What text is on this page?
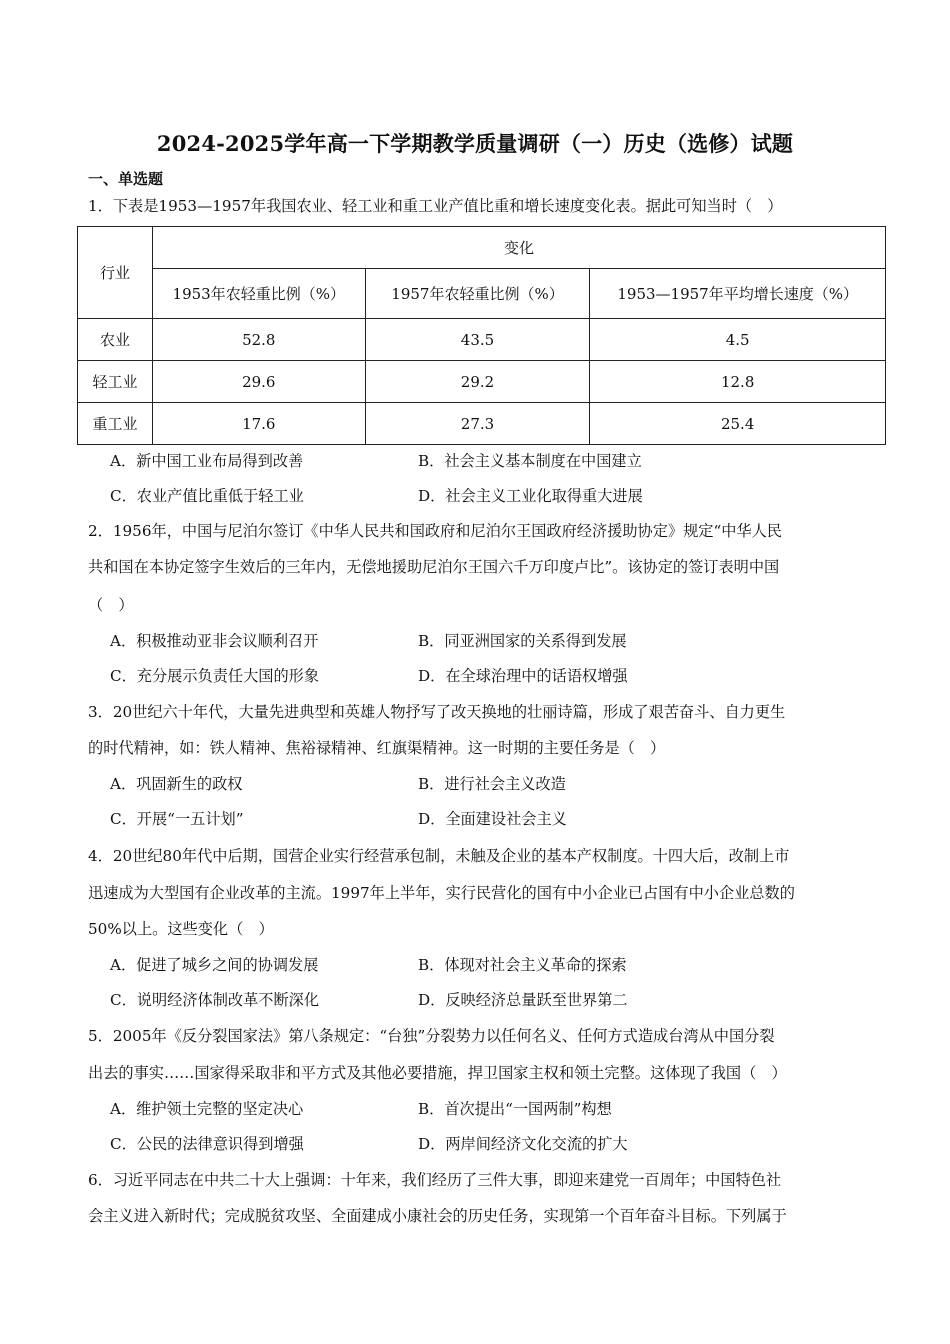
2024-2025学年高一下学期教学质量调研（一）历史（选修）试题
一、单选题
1．下表是1953—1957年我国农业、轻工业和重工业产值比重和增长速度变化表。据此可知当时（　）
行业	变化		
	1953年农轻重比例（%）	1957年农轻重比例（%）	1953—1957年平均增长速度（%）
农业	52.8	43.5	4.5
轻工业	29.6	29.2	12.8
重工业	17.6	27.3	25.4
A．新中国工业布局得到改善	B．社会主义基本制度在中国建立
C．农业产值比重低于轻工业	D．社会主义工业化取得重大进展
2．1956年，中国与尼泊尔签订《中华人民共和国政府和尼泊尔王国政府经济援助协定》规定“中华人民
共和国在本协定签字生效后的三年内，无偿地援助尼泊尔王国六千万印度卢比”。该协定的签订表明中国
（　）
A．积极推动亚非会议顺利召开	B．同亚洲国家的关系得到发展
C．充分展示负责任大国的形象	D．在全球治理中的话语权增强
3．20世纪六十年代，大量先进典型和英雄人物抒写了改天换地的壮丽诗篇，形成了艰苦奋斗、自力更生
的时代精神，如：铁人精神、焦裕禄精神、红旗渠精神。这一时期的主要任务是（　）
A．巩固新生的政权	B．进行社会主义改造
C．开展“一五计划”	D．全面建设社会主义
4．20世纪80年代中后期，国营企业实行经营承包制，未触及企业的基本产权制度。十四大后，改制上市
迅速成为大型国有企业改革的主流。1997年上半年，实行民营化的国有中小企业已占国有中小企业总数的
50%以上。这些变化（　）
A．促进了城乡之间的协调发展	B．体现对社会主义革命的探索
C．说明经济体制改革不断深化	D．反映经济总量跃至世界第二
5．2005年《反分裂国家法》第八条规定：“台独”分裂势力以任何名义、任何方式造成台湾从中国分裂
出去的事实……国家得采取非和平方式及其他必要措施，捍卫国家主权和领土完整。这体现了我国（　）
A．维护领土完整的坚定决心	B．首次提出“一国两制”构想
C．公民的法律意识得到增强	D．两岸间经济文化交流的扩大
6．习近平同志在中共二十大上强调：十年来，我们经历了三件大事，即迎来建党一百周年；中国特色社
会主义进入新时代；完成脱贫攻坚、全面建成小康社会的历史任务，实现第一个百年奋斗目标。下列属于
